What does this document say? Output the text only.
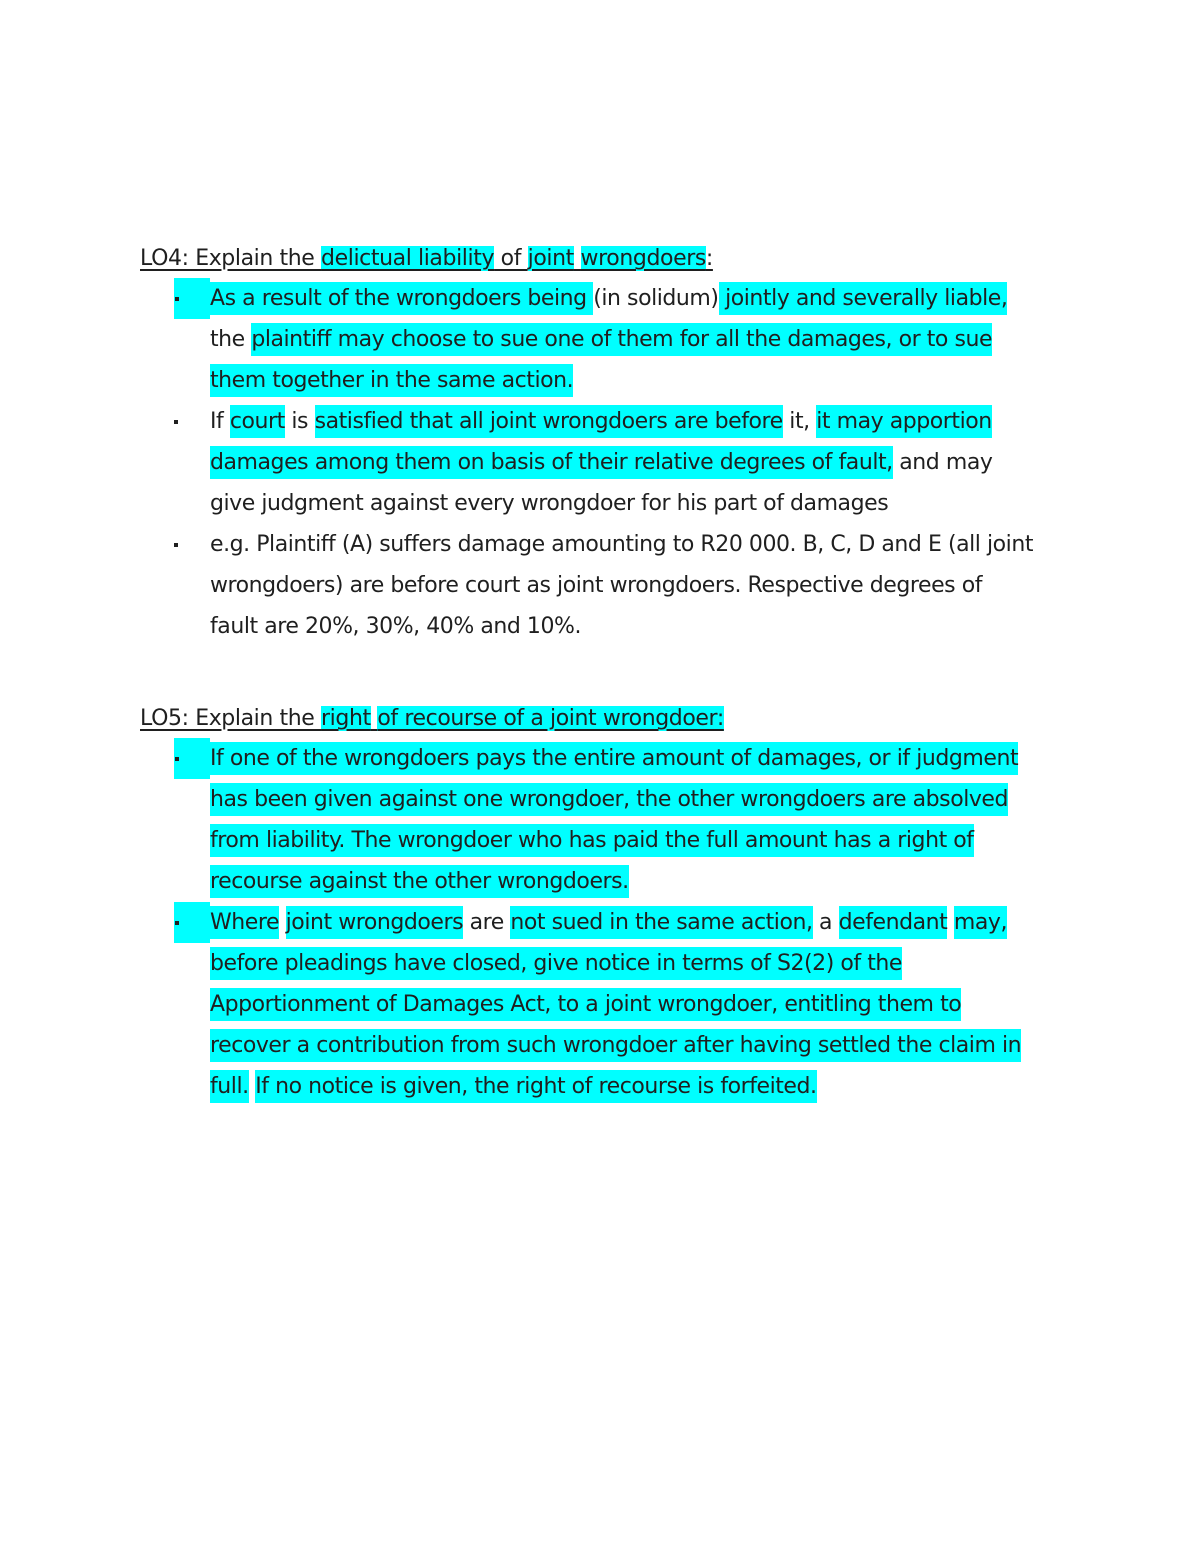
LO4: Explain the delictual liability of joint wrongdoers:
As a result of the wrongdoers being (in solidum) jointly and severally liable,
the plaintiff may choose to sue one of them for all the damages, or to sue
them together in the same action.
If court is satisfied that all joint wrongdoers are before it, it may apportion
damages among them on basis of their relative degrees of fault, and may
give judgment against every wrongdoer for his part of damages
e.g. Plaintiff (A) suffers damage amounting to R20 000. B, C, D and E (all joint
wrongdoers) are before court as joint wrongdoers. Respective degrees of
fault are 20%, 30%, 40% and 10%.
LO5: Explain the right of recourse of a joint wrongdoer:
If one of the wrongdoers pays the entire amount of damages, or if judgment
has been given against one wrongdoer, the other wrongdoers are absolved
from liability. The wrongdoer who has paid the full amount has a right of
recourse against the other wrongdoers.
Where joint wrongdoers are not sued in the same action, a defendant may,
before pleadings have closed, give notice in terms of S2(2) of the
Apportionment of Damages Act, to a joint wrongdoer, entitling them to
recover a contribution from such wrongdoer after having settled the claim in
full. If no notice is given, the right of recourse is forfeited.
